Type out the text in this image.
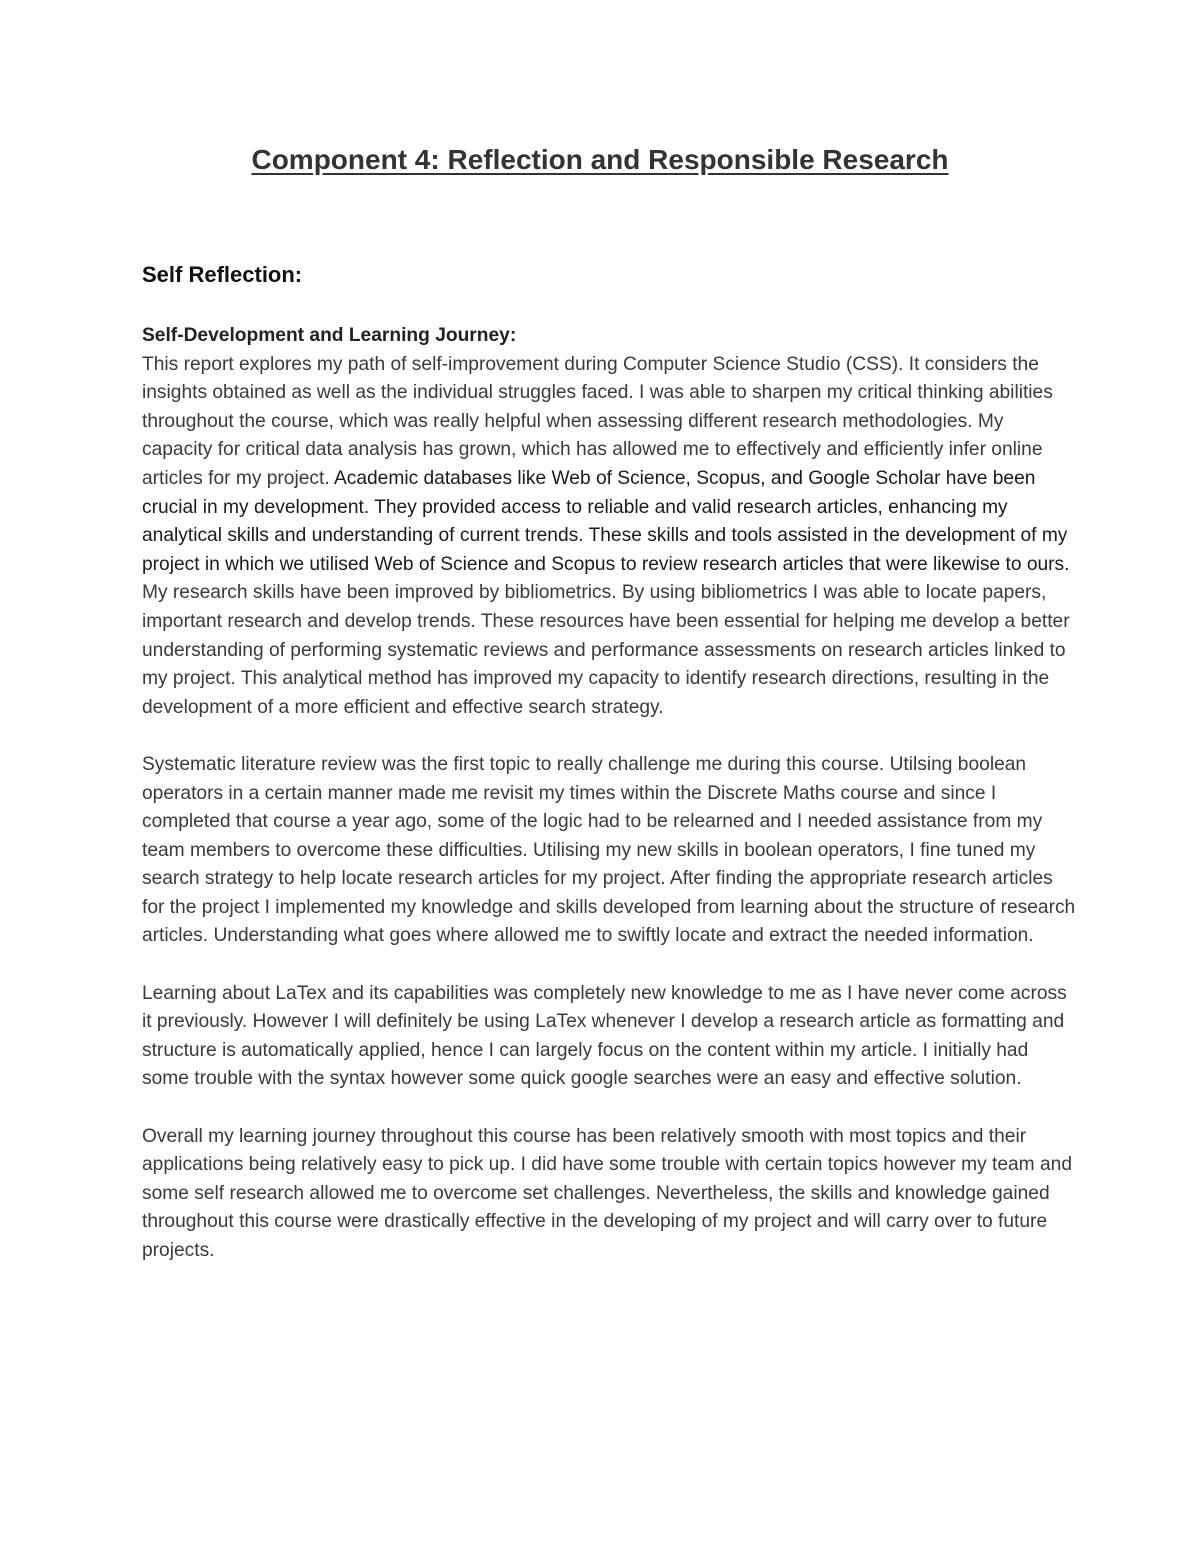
Component 4: Reflection and Responsible Research
Self Reflection:
Self-Development and Learning Journey:

This report explores my path of self-improvement during Computer Science Studio (CSS). It considers the insights obtained as well as the individual struggles faced. I was able to sharpen my critical thinking abilities throughout the course, which was really helpful when assessing different research methodologies. My capacity for critical data analysis has grown, which has allowed me to effectively and efficiently infer online articles for my project. Academic databases like Web of Science, Scopus, and Google Scholar have been crucial in my development. They provided access to reliable and valid research articles, enhancing my analytical skills and understanding of current trends. These skills and tools assisted in the development of my project in which we utilised Web of Science and Scopus to review research articles that were likewise to ours. My research skills have been improved by bibliometrics. By using bibliometrics I was able to locate papers, important research and develop trends. These resources have been essential for helping me develop a better understanding of performing systematic reviews and performance assessments on research articles linked to my project. This analytical method has improved my capacity to identify research directions, resulting in the development of a more efficient and effective search strategy.

Systematic literature review was the first topic to really challenge me during this course. Utilsing boolean operators in a certain manner made me revisit my times within the Discrete Maths course and since I completed that course a year ago, some of the logic had to be relearned and I needed assistance from my team members to overcome these difficulties. Utilising my new skills in boolean operators, I fine tuned my search strategy to help locate research articles for my project. After finding the appropriate research articles for the project I implemented my knowledge and skills developed from learning about the structure of research articles. Understanding what goes where allowed me to swiftly locate and extract the needed information.

Learning about LaTex and its capabilities was completely new knowledge to me as I have never come across it previously. However I will definitely be using LaTex whenever I develop a research article as formatting and structure is automatically applied, hence I can largely focus on the content within my article. I initially had some trouble with the syntax however some quick google searches were an easy and effective solution.

Overall my learning journey throughout this course has been relatively smooth with most topics and their applications being relatively easy to pick up. I did have some trouble with certain topics however my team and some self research allowed me to overcome set challenges. Nevertheless, the skills and knowledge gained throughout this course were drastically effective in the developing of my project and will carry over to future projects.
